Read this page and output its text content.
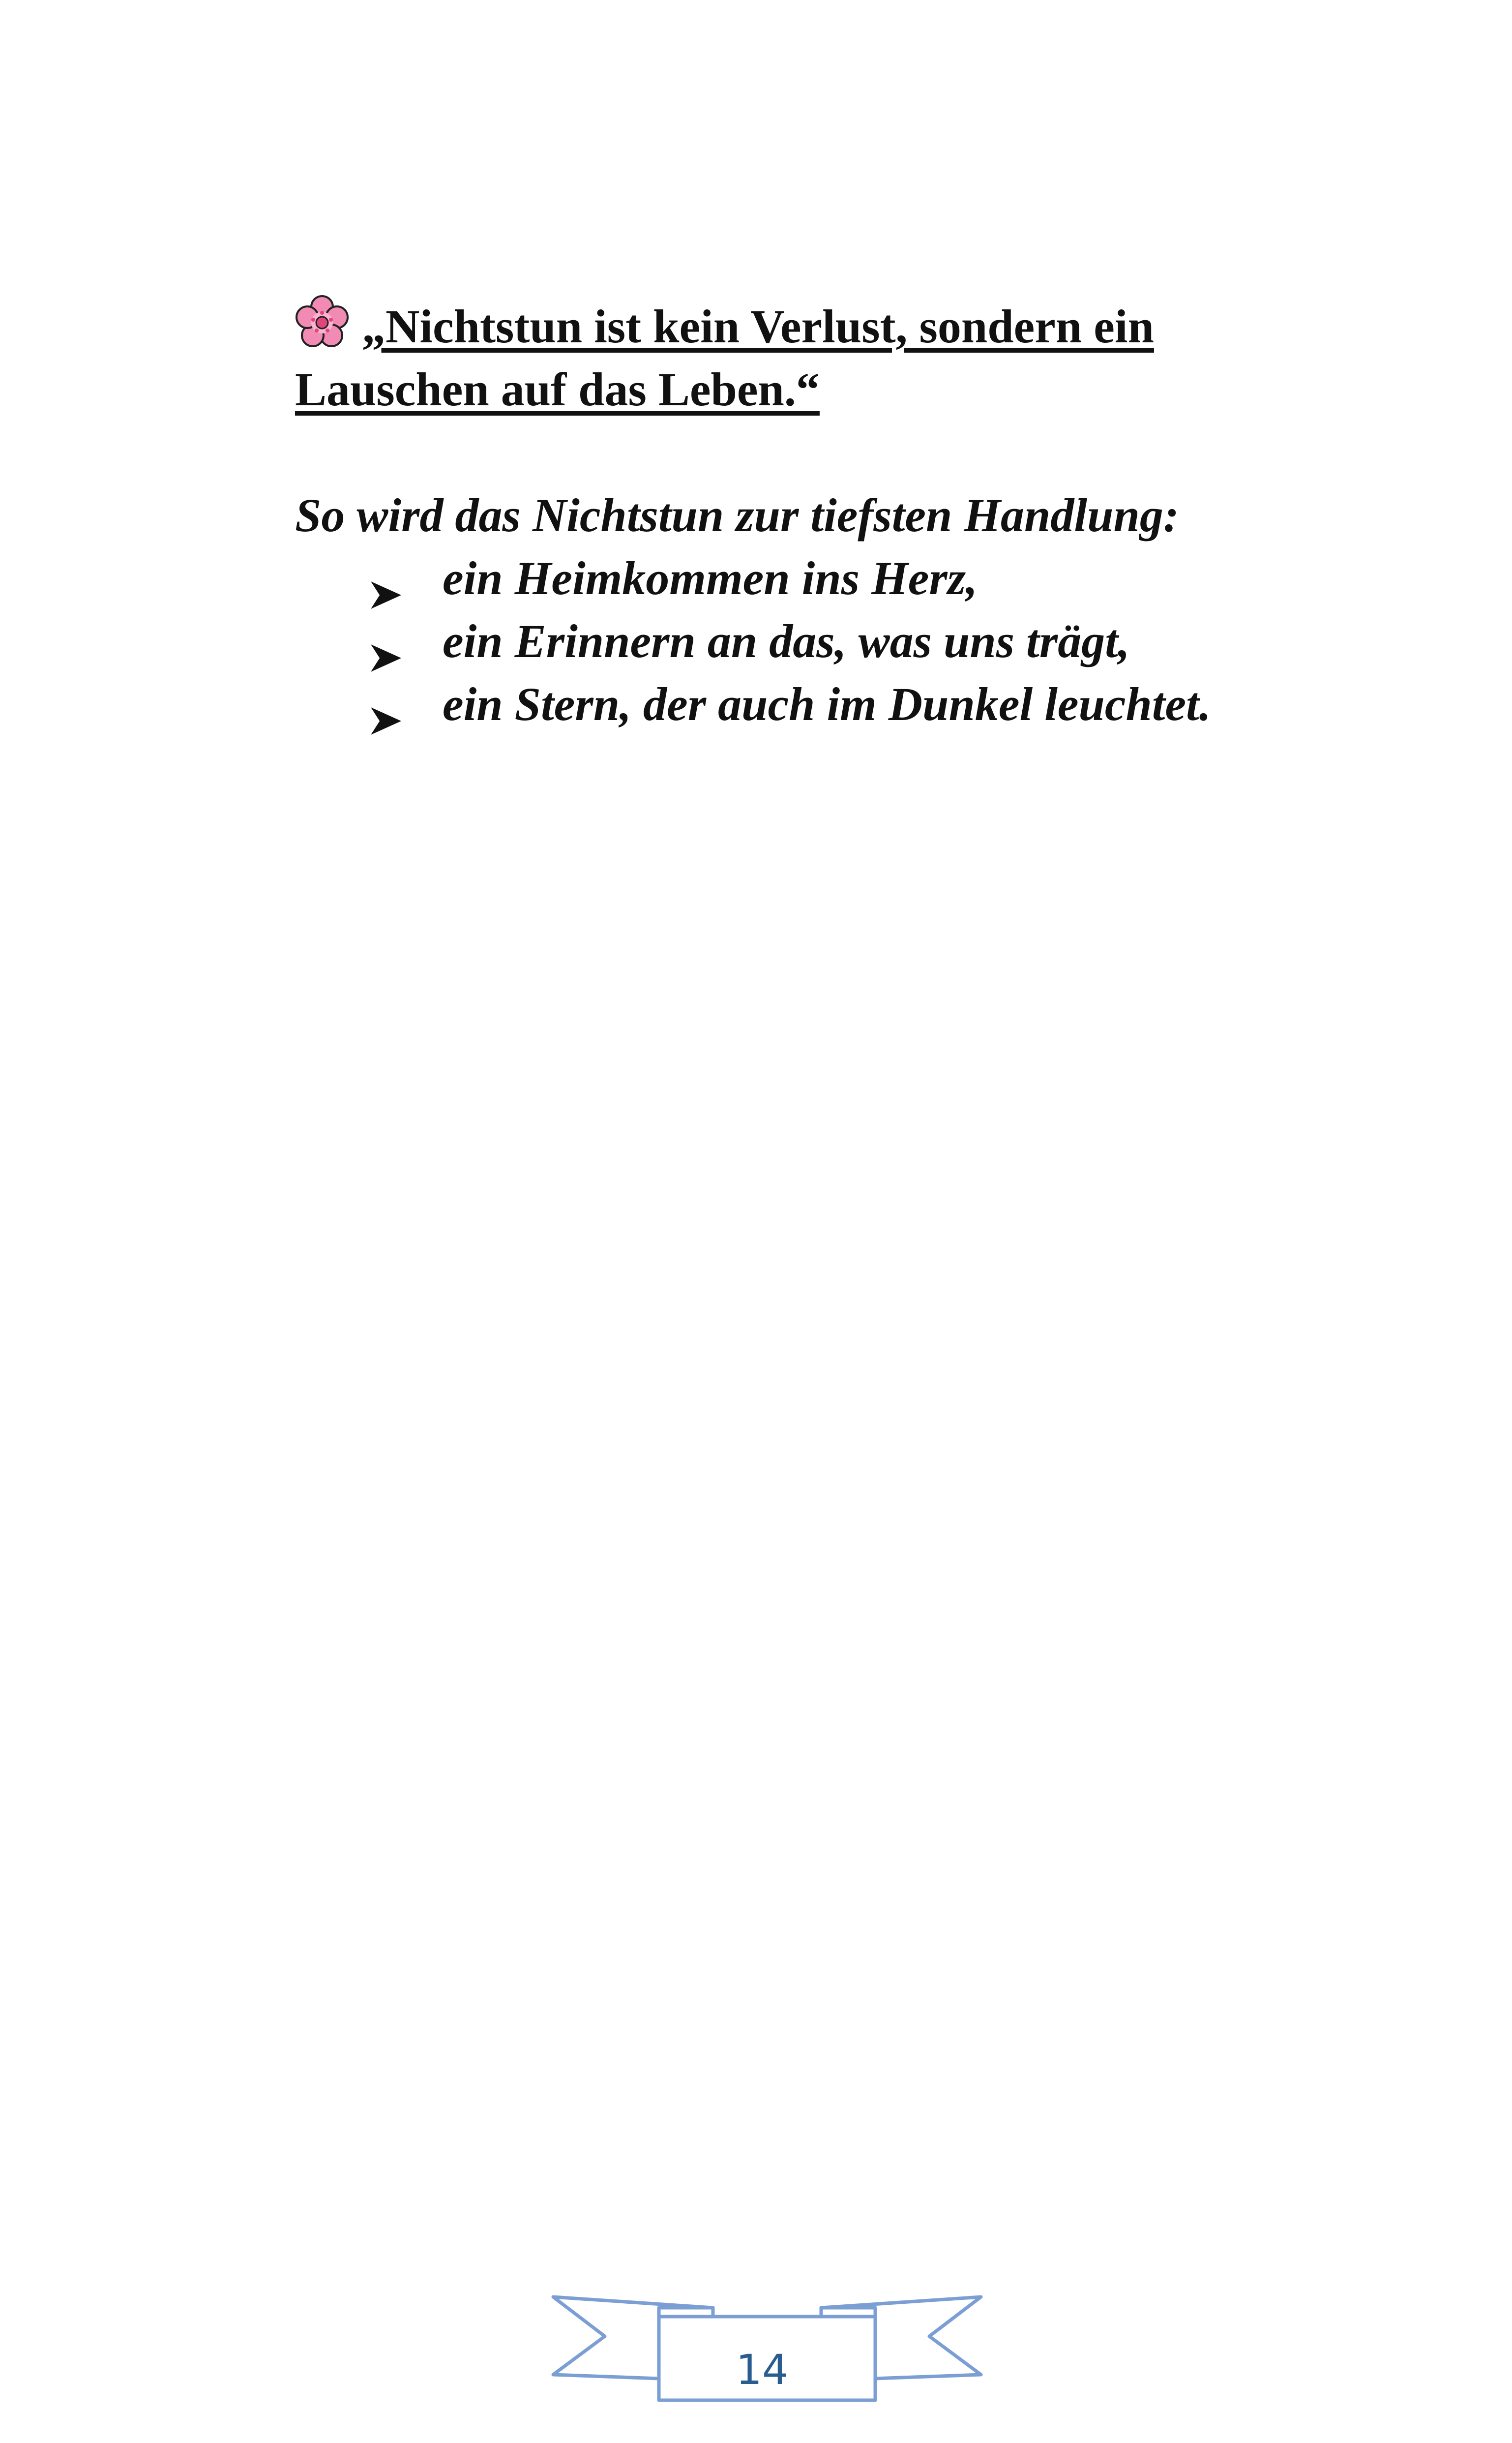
„Nichtstun ist kein Verlust, sondern ein Lauschen auf das Leben.“

So wird das Nichtstun zur tiefsten Handlung:

ein Heimkommen ins Herz,
ein Erinnern an das, was uns trägt,
ein Stern, der auch im Dunkel leuchtet.
14
